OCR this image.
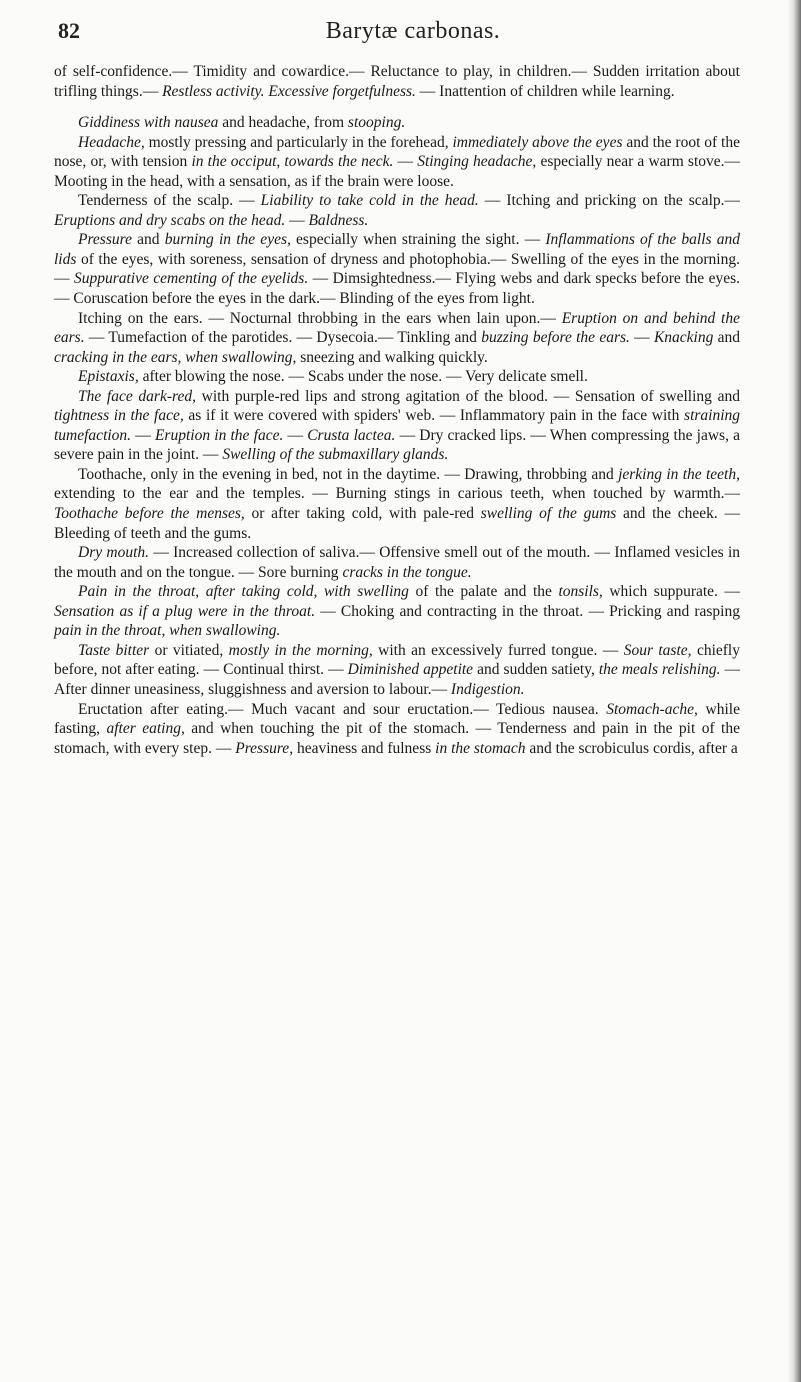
82	Barytæ carbonas.

of self-confidence.— Timidity and cowardice.— Reluctance to play, in children.— Sudden irritation about trifling things.— Restless activity. Excessive forgetfulness. — Inattention of children while learning.

Giddiness with nausea and headache, from stooping.

Headache, mostly pressing and particularly in the forehead, immediately above the eyes and the root of the nose, or, with tension in the occiput, towards the neck. — Stinging headache, especially near a warm stove.— Mooting in the head, with a sensation, as if the brain were loose.

Tenderness of the scalp. — Liability to take cold in the head. — Itching and pricking on the scalp.— Eruptions and dry scabs on the head. — Baldness.

Pressure and burning in the eyes, especially when straining the sight. — Inflammations of the balls and lids of the eyes, with soreness, sensation of dryness and photophobia.— Swelling of the eyes in the morning.— Suppurative cementing of the eyelids. — Dimsightedness.— Flying webs and dark specks before the eyes. — Coruscation before the eyes in the dark.— Blinding of the eyes from light.

Itching on the ears. — Nocturnal throbbing in the ears when lain upon.— Eruption on and behind the ears. — Tumefaction of the parotides. — Dysecoia.— Tinkling and buzzing before the ears. — Knacking and cracking in the ears, when swallowing, sneezing and walking quickly.

Epistaxis, after blowing the nose. — Scabs under the nose. — Very delicate smell.

The face dark-red, with purple-red lips and strong agitation of the blood. — Sensation of swelling and tightness in the face, as if it were covered with spiders' web. — Inflammatory pain in the face with straining tumefaction. — Eruption in the face. — Crusta lactea. — Dry cracked lips. — When compressing the jaws, a severe pain in the joint. — Swelling of the submaxillary glands.

Toothache, only in the evening in bed, not in the daytime. — Drawing, throbbing and jerking in the teeth, extending to the ear and the temples. — Burning stings in carious teeth, when touched by warmth.— Toothache before the menses, or after taking cold, with pale-red swelling of the gums and the cheek. — Bleeding of teeth and the gums.

Dry mouth. — Increased collection of saliva.— Offensive smell out of the mouth. — Inflamed vesicles in the mouth and on the tongue. — Sore burning cracks in the tongue.

Pain in the throat, after taking cold, with swelling of the palate and the tonsils, which suppurate. — Sensation as if a plug were in the throat. — Choking and contracting in the throat. — Pricking and rasping pain in the throat, when swallowing.

Taste bitter or vitiated, mostly in the morning, with an excessively furred tongue. — Sour taste, chiefly before, not after eating. — Continual thirst. — Diminished appetite and sudden satiety, the meals relishing. — After dinner uneasiness, sluggishness and aversion to labour.— Indigestion.

Eructation after eating.— Much vacant and sour eructation.— Tedious nausea. Stomach-ache, while fasting, after eating, and when touching the pit of the stomach. — Tenderness and pain in the pit of the stomach, with every step. — Pressure, heaviness and fulness in the stomach and the scrobiculus cordis, after a
